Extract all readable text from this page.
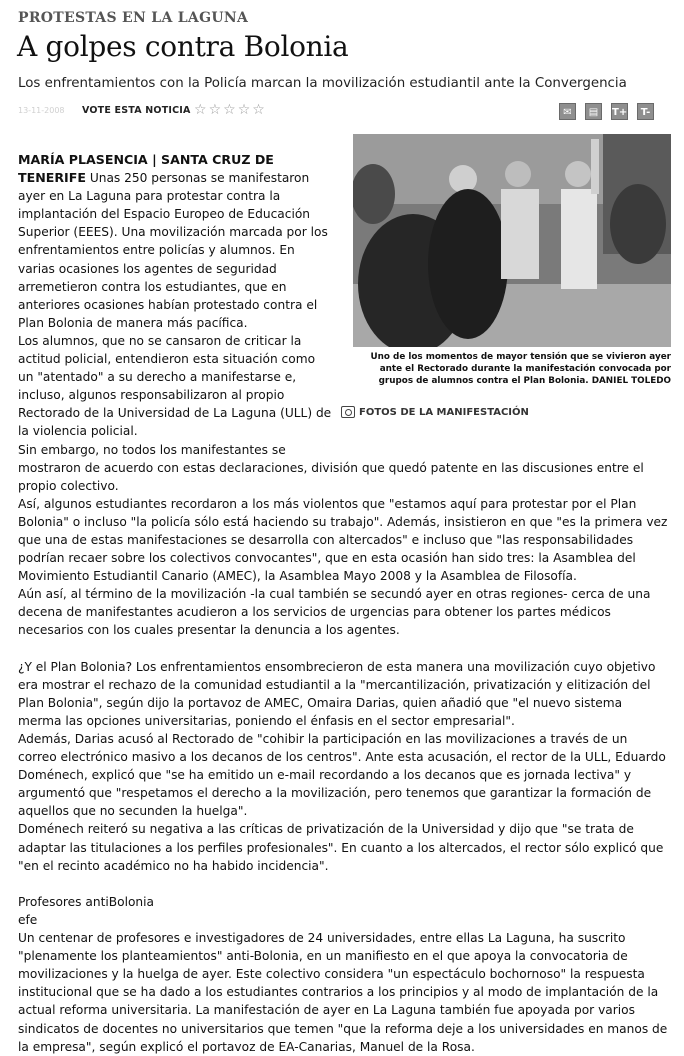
PROTESTAS EN LA LAGUNA
A golpes contra Bolonia

Los enfrentamientos con la Policía marcan la movilización estudiantil ante la Convergencia

13-11-2008 VOTE ESTA NOTICIA ☆ ☆ ☆ ☆ ☆	✉	▤	T+	T-

Uno de los momentos de mayor tensión que se vivieron ayer ante el Rectorado durante la manifestación convocada por grupos de alumnos contra el Plan Bolonia. DANIEL TOLEDO

FOTOS DE LA MANIFESTACIÓN

MARÍA PLASENCIA | SANTA CRUZ DE TENERIFE Unas 250 personas se manifestaron ayer en La Laguna para protestar contra la implantación del Espacio Europeo de Educación Superior (EEES). Una movilización marcada por los enfrentamientos entre policías y alumnos. En varias ocasiones los agentes de seguridad arremetieron contra los estudiantes, que en anteriores ocasiones habían protestado contra el Plan Bolonia de manera más pacífica.

Los alumnos, que no se cansaron de criticar la actitud policial, entendieron esta situación como un "atentado" a su derecho a manifestarse e, incluso, algunos responsabilizaron al propio Rectorado de la Universidad de La Laguna (ULL) de la violencia policial.

Sin embargo, no todos los manifestantes se mostraron de acuerdo con estas declaraciones, división que quedó patente en las discusiones entre el propio colectivo.

Así, algunos estudiantes recordaron a los más violentos que "estamos aquí para protestar por el Plan Bolonia" o incluso "la policía sólo está haciendo su trabajo". Además, insistieron en que "es la primera vez que una de estas manifestaciones se desarrolla con altercados" e incluso que "las responsabilidades podrían recaer sobre los colectivos convocantes", que en esta ocasión han sido tres: la Asamblea del Movimiento Estudiantil Canario (AMEC), la Asamblea Mayo 2008 y la Asamblea de Filosofía.

Aún así, al término de la movilización -la cual también se secundó ayer en otras regiones- cerca de una decena de manifestantes acudieron a los servicios de urgencias para obtener los partes médicos necesarios con los cuales presentar la denuncia a los agentes.

¿Y el Plan Bolonia? Los enfrentamientos ensombrecieron de esta manera una movilización cuyo objetivo era mostrar el rechazo de la comunidad estudiantil a la "mercantilización, privatización y elitización del Plan Bolonia", según dijo la portavoz de AMEC, Omaira Darias, quien añadió que "el nuevo sistema merma las opciones universitarias, poniendo el énfasis en el sector empresarial".

Además, Darias acusó al Rectorado de "cohibir la participación en las movilizaciones a través de un correo electrónico masivo a los decanos de los centros". Ante esta acusación, el rector de la ULL, Eduardo Doménech, explicó que "se ha emitido un e-mail recordando a los decanos que es jornada lectiva" y argumentó que "respetamos el derecho a la movilización, pero tenemos que garantizar la formación de aquellos que no secunden la huelga".

Doménech reiteró su negativa a las críticas de privatización de la Universidad y dijo que "se trata de adaptar las titulaciones a los perfiles profesionales". En cuanto a los altercados, el rector sólo explicó que "en el recinto académico no ha habido incidencia".

Profesores antiBolonia

efe

Un centenar de profesores e investigadores de 24 universidades, entre ellas La Laguna, ha suscrito "plenamente los planteamientos" anti-Bolonia, en un manifiesto en el que apoya la convocatoria de movilizaciones y la huelga de ayer. Este colectivo considera "un espectáculo bochornoso" la respuesta institucional que se ha dado a los estudiantes contrarios a los principios y al modo de implantación de la actual reforma universitaria. La manifestación de ayer en La Laguna también fue apoyada por varios sindicatos de docentes no universitarios que temen "que la reforma deje a los universidades en manos de la empresa", según explicó el portavoz de EA-Canarias, Manuel de la Rosa.
